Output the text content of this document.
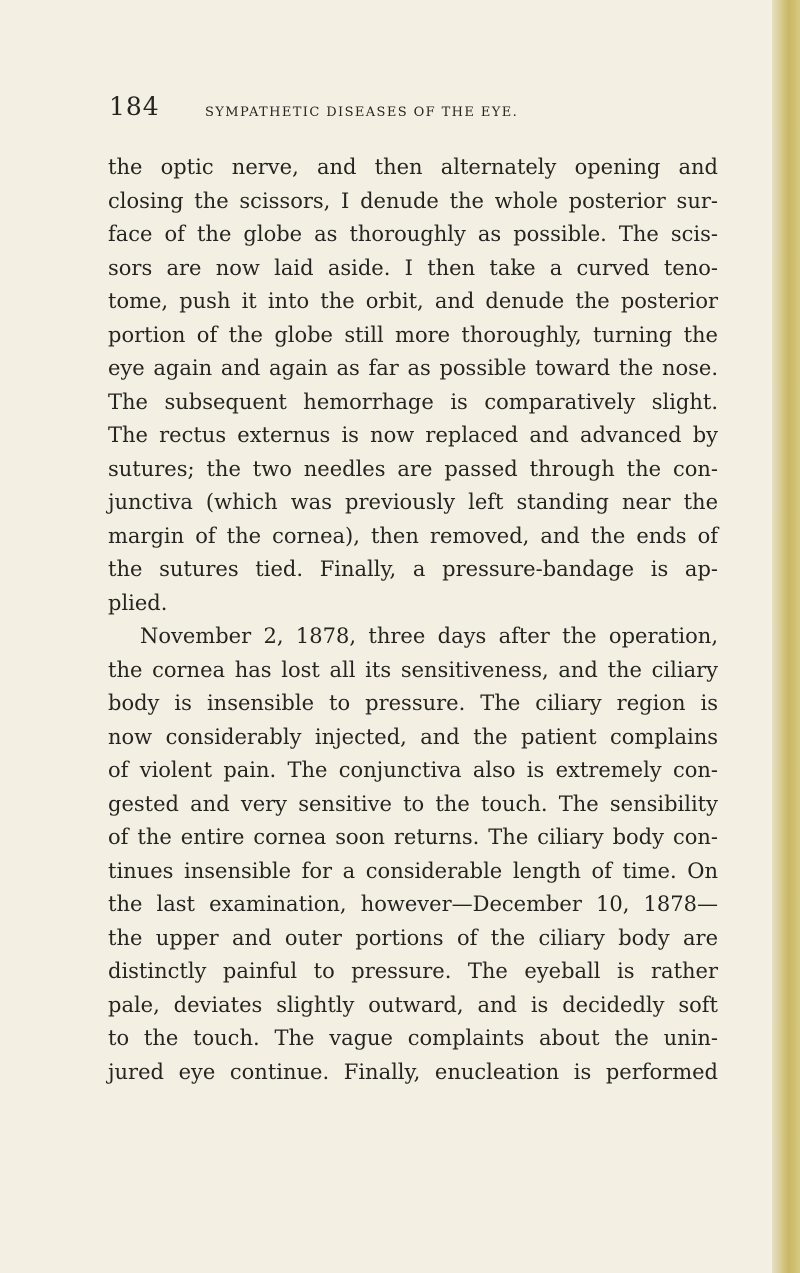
184	SYMPATHETIC DISEASES OF THE EYE.
the optic nerve, and then alternately opening and
closing the scissors, I denude the whole posterior sur-
face of the globe as thoroughly as possible. The scis-
sors are now laid aside. I then take a curved teno-
tome, push it into the orbit, and denude the posterior
portion of the globe still more thoroughly, turning the
eye again and again as far as possible toward the nose.
The subsequent hemorrhage is comparatively slight.
The rectus externus is now replaced and advanced by
sutures; the two needles are passed through the con-
junctiva (which was previously left standing near the
margin of the cornea), then removed, and the ends of
the sutures tied. Finally, a pressure-bandage is ap-
plied.
November 2, 1878, three days after the operation,
the cornea has lost all its sensitiveness, and the ciliary
body is insensible to pressure. The ciliary region is
now considerably injected, and the patient complains
of violent pain. The conjunctiva also is extremely con-
gested and very sensitive to the touch. The sensibility
of the entire cornea soon returns. The ciliary body con-
tinues insensible for a considerable length of time. On
the last examination, however—December 10, 1878—
the upper and outer portions of the ciliary body are
distinctly painful to pressure. The eyeball is rather
pale, deviates slightly outward, and is decidedly soft
to the touch. The vague complaints about the unin-
jured eye continue. Finally, enucleation is performed
